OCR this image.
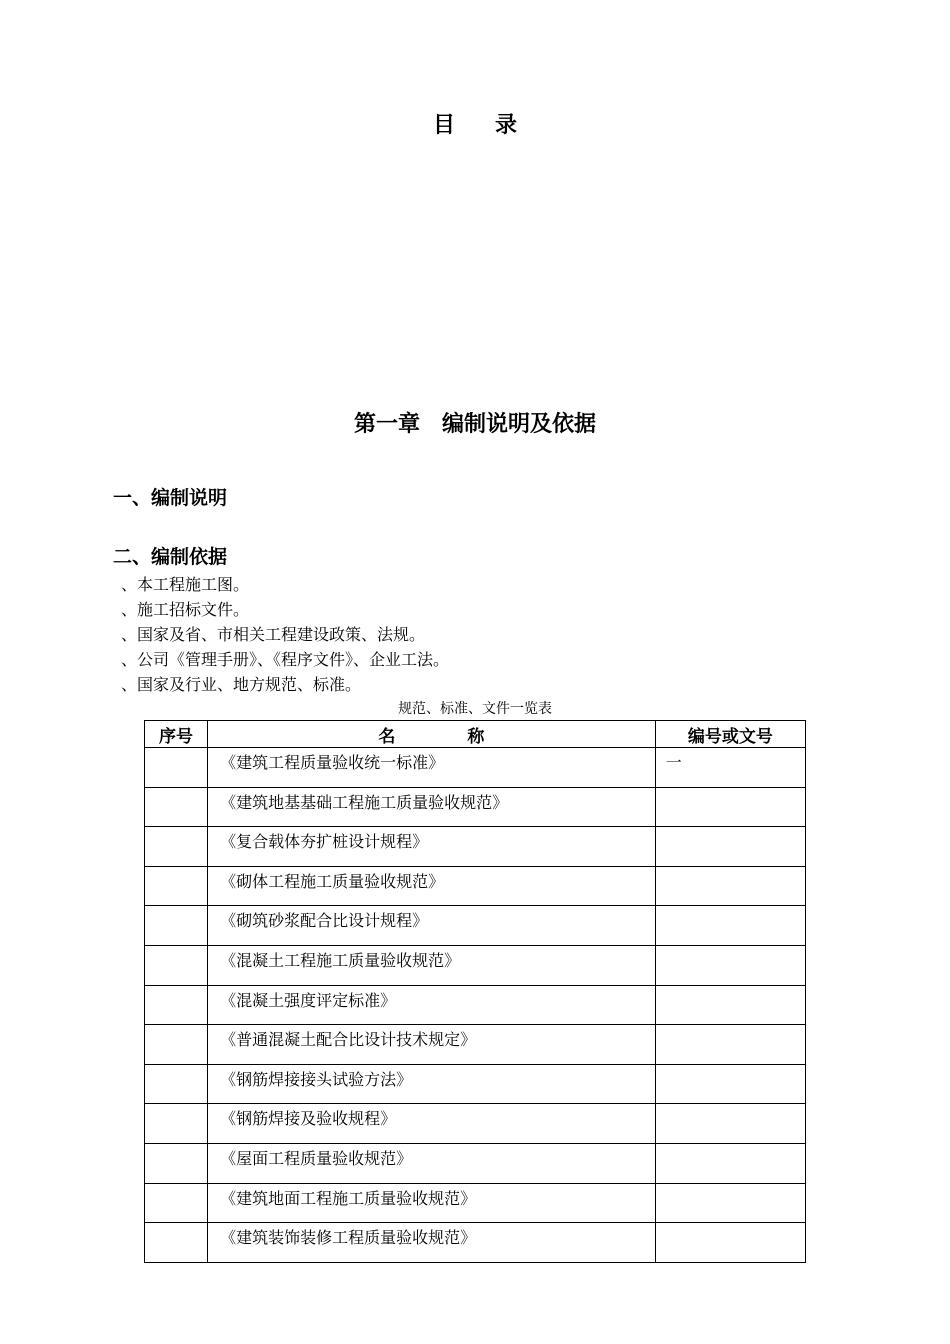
目 录
第一章　编制说明及依据
一、编制说明
二、编制依据
、本工程施工图。
、施工招标文件。
、国家及省、市相关工程建设政策、法规。
、公司《管理手册》、《程序文件》、企业工法。
、国家及行业、地方规范、标准。
规范、标准、文件一览表
序号	名 称	编号或文号
	《建筑工程质量验收统一标准》	一
	《建筑地基基础工程施工质量验收规范》	
	《复合载体夯扩桩设计规程》	
	《砌体工程施工质量验收规范》	
	《砌筑砂浆配合比设计规程》	
	《混凝土工程施工质量验收规范》	
	《混凝土强度评定标准》	
	《普通混凝土配合比设计技术规定》	
	《钢筋焊接接头试验方法》	
	《钢筋焊接及验收规程》	
	《屋面工程质量验收规范》	
	《建筑地面工程施工质量验收规范》	
	《建筑装饰装修工程质量验收规范》	
